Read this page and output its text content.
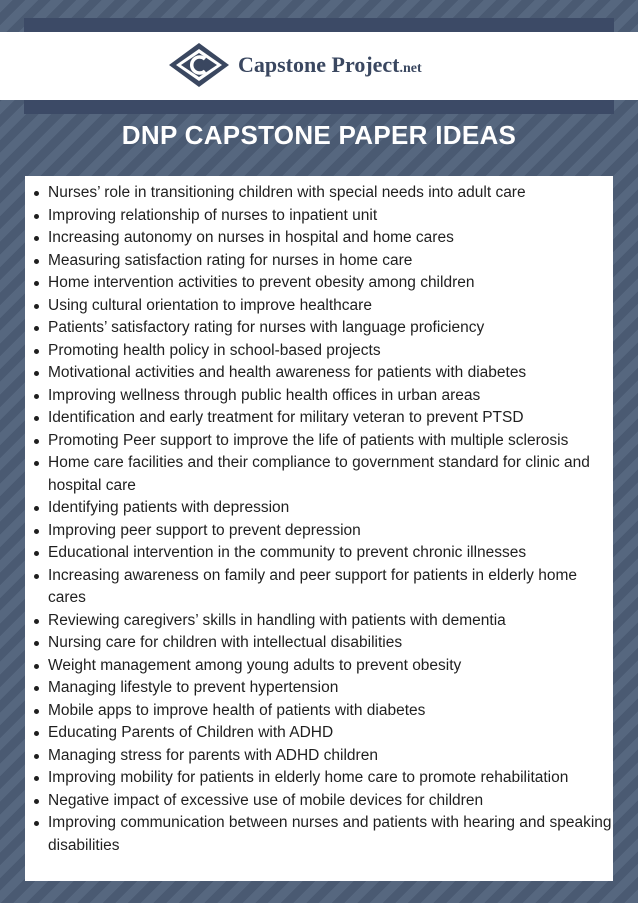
Capstone Project.net
DNP CAPSTONE PAPER IDEAS
Nurses’ role in transitioning children with special needs into adult care
Improving relationship of nurses to inpatient unit
Increasing autonomy on nurses in hospital and home cares
Measuring satisfaction rating for nurses in home care
Home intervention activities to prevent obesity among children
Using cultural orientation to improve healthcare
Patients’ satisfactory rating for nurses with language proficiency
Promoting health policy in school-based projects
Motivational activities and health awareness for patients with diabetes
Improving wellness through public health offices in urban areas
Identification and early treatment for military veteran to prevent PTSD
Promoting Peer support to improve the life of patients with multiple sclerosis
Home care facilities and their compliance to government standard for clinic and hospital care
Identifying patients with depression
Improving peer support to prevent depression
Educational intervention in the community to prevent chronic illnesses
Increasing awareness on family and peer support for patients in elderly home cares
Reviewing caregivers’ skills in handling with patients with dementia
Nursing care for children with intellectual disabilities
Weight management among young adults to prevent obesity
Managing lifestyle to prevent hypertension
Mobile apps to improve health of patients with diabetes
Educating Parents of Children with ADHD
Managing stress for parents with ADHD children
Improving mobility for patients in elderly home care to promote rehabilitation
Negative impact of excessive use of mobile devices for children
Improving communication between nurses and patients with hearing and speaking disabilities
